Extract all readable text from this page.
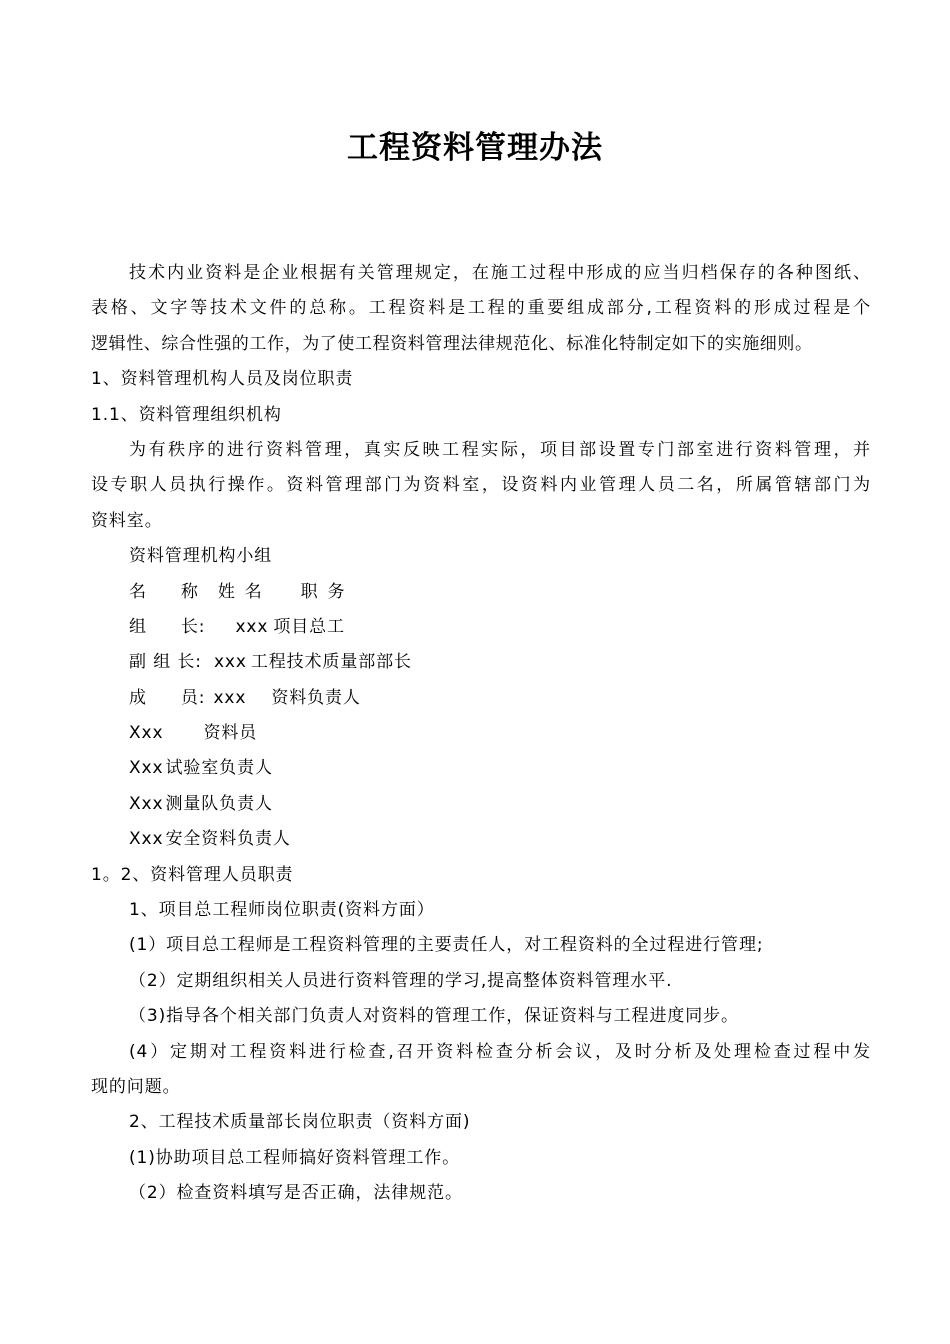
工程资料管理办法
技术内业资料是企业根据有关管理规定，在施工过程中形成的应当归档保存的各种图纸、
表格、文字等技术文件的总称。工程资料是工程的重要组成部分,工程资料的形成过程是个
逻辑性、综合性强的工作，为了使工程资料管理法律规范化、标准化特制定如下的实施细则。
1、资料管理机构人员及岗位职责
1.1、资料管理组织机构
为有秩序的进行资料管理，真实反映工程实际，项目部设置专门部室进行资料管理，并
设专职人员执行操作。资料管理部门为资料室，设资料内业管理人员二名，所属管辖部门为
资料室。
资料管理机构小组
名 称 姓 名 职 务
组 长: xxx 项目总工
副 组 长: xxx 工程技术质量部部长
成 员: xxx 资料负责人
Xxx 资料员
Xxx 试验室负责人
Xxx 测量队负责人
Xxx 安全资料负责人
1。2、资料管理人员职责
1、项目总工程师岗位职责(资料方面）
(1）项目总工程师是工程资料管理的主要责任人，对工程资料的全过程进行管理;
（2）定期组织相关人员进行资料管理的学习,提高整体资料管理水平.
（3)指导各个相关部门负责人对资料的管理工作，保证资料与工程进度同步。
(4）定期对工程资料进行检查,召开资料检查分析会议，及时分析及处理检查过程中发
现的问题。
2、工程技术质量部长岗位职责（资料方面)
(1)协助项目总工程师搞好资料管理工作。
（2）检查资料填写是否正确，法律规范。
